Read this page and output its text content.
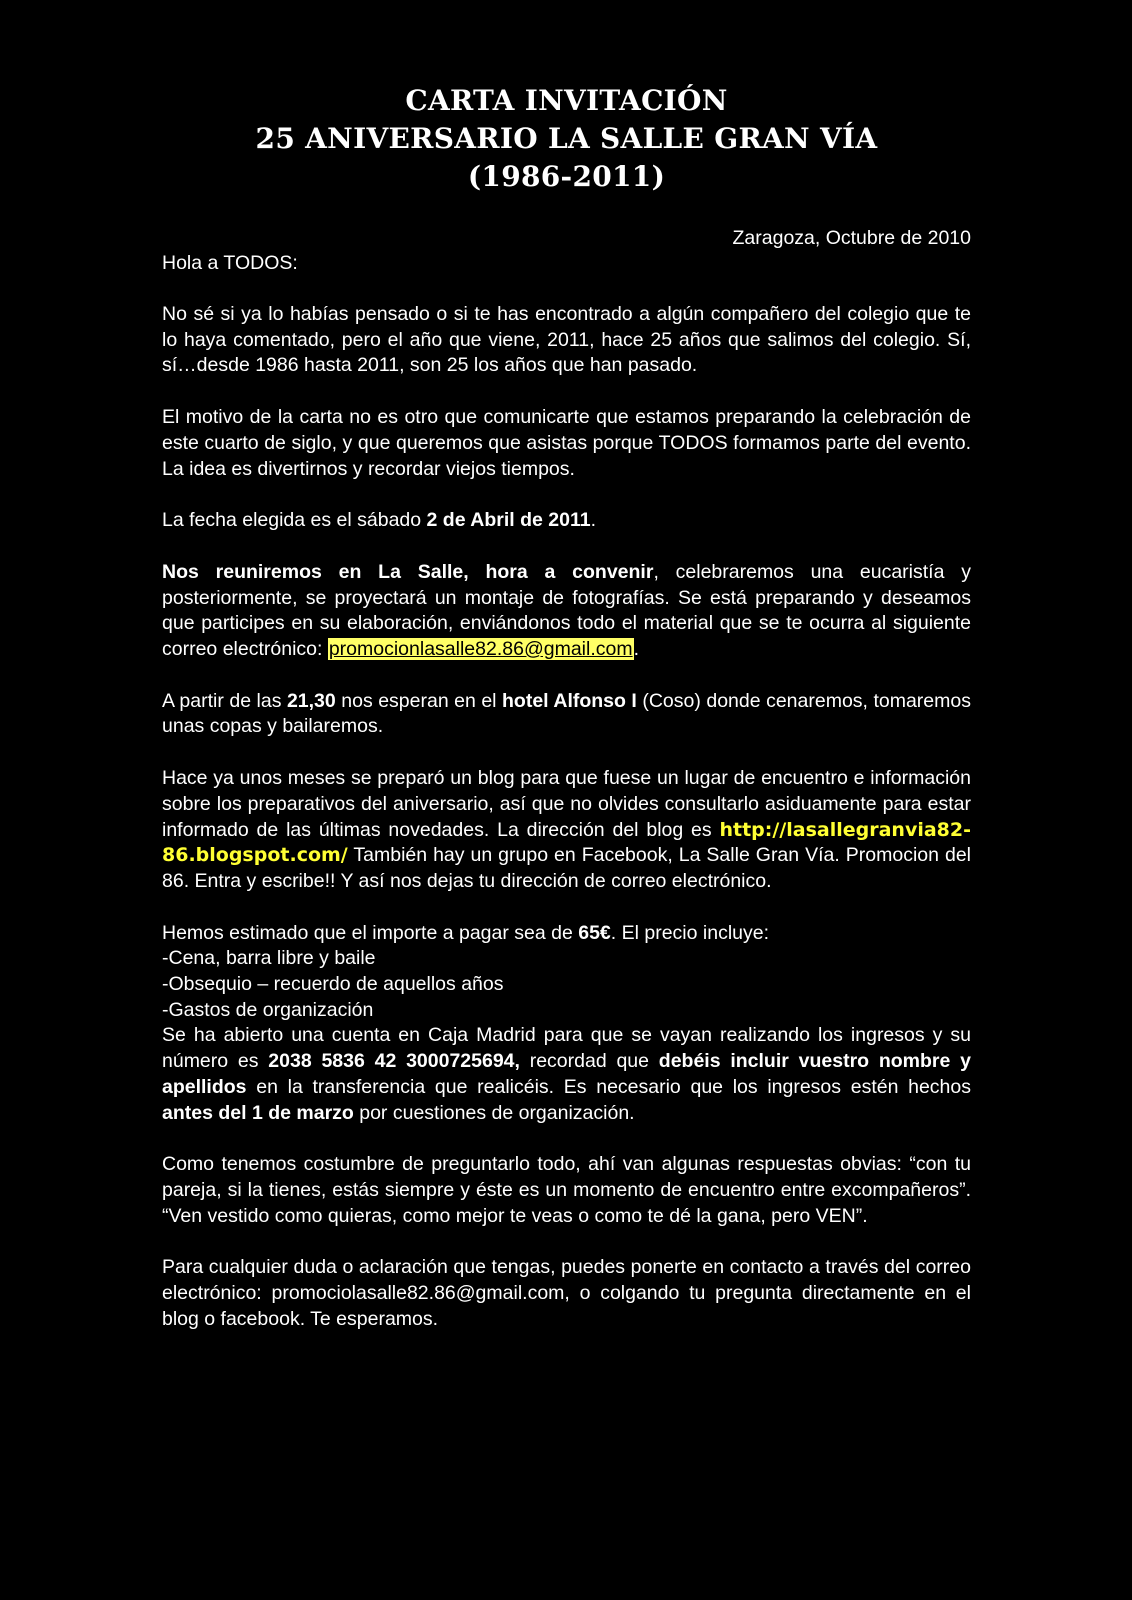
CARTA INVITACIÓN
25 ANIVERSARIO LA SALLE GRAN VÍA
(1986-2011)
Zaragoza, Octubre de 2010
Hola a TODOS:

No sé si ya lo habías pensado o si te has encontrado a algún compañero del colegio que te lo haya comentado, pero el año que viene, 2011, hace 25 años que salimos del colegio. Sí, sí…desde 1986 hasta 2011, son 25 los años que han pasado.

El motivo de la carta no es otro que comunicarte que estamos preparando la celebración de este cuarto de siglo, y que queremos que asistas porque TODOS formamos parte del evento. La idea es divertirnos y recordar viejos tiempos.

La fecha elegida es el sábado 2 de Abril de 2011.

Nos reuniremos en La Salle, hora a convenir, celebraremos una eucaristía y posteriormente, se proyectará un montaje de fotografías. Se está preparando y deseamos que participes en su elaboración, enviándonos todo el material que se te ocurra al siguiente correo electrónico: promocionlasalle82.86@gmail.com.

A partir de las 21,30 nos esperan en el hotel Alfonso I (Coso) donde cenaremos, tomaremos unas copas y bailaremos.

Hace ya unos meses se preparó un blog para que fuese un lugar de encuentro e información sobre los preparativos del aniversario, así que no olvides consultarlo asiduamente para estar informado de las últimas novedades. La dirección del blog es http://lasallegranvia82-86.blogspot.com/ También hay un grupo en Facebook, La Salle Gran Vía. Promocion del 86. Entra y escribe!! Y así nos dejas tu dirección de correo electrónico.

Hemos estimado que el importe a pagar sea de 65€. El precio incluye:

-Cena, barra libre y baile

-Obsequio – recuerdo de aquellos años

-Gastos de organización

Se ha abierto una cuenta en Caja Madrid para que se vayan realizando los ingresos y su número es 2038 5836 42 3000725694, recordad que debéis incluir vuestro nombre y apellidos en la transferencia que realicéis. Es necesario que los ingresos estén hechos antes del 1 de marzo por cuestiones de organización.

Como tenemos costumbre de preguntarlo todo, ahí van algunas respuestas obvias: “con tu pareja, si la tienes, estás siempre y éste es un momento de encuentro entre excompañeros”. “Ven vestido como quieras, como mejor te veas o como te dé la gana, pero VEN”.

Para cualquier duda o aclaración que tengas, puedes ponerte en contacto a través del correo electrónico: promociolasalle82.86@gmail.com, o colgando tu pregunta directamente en el blog o facebook. Te esperamos.
